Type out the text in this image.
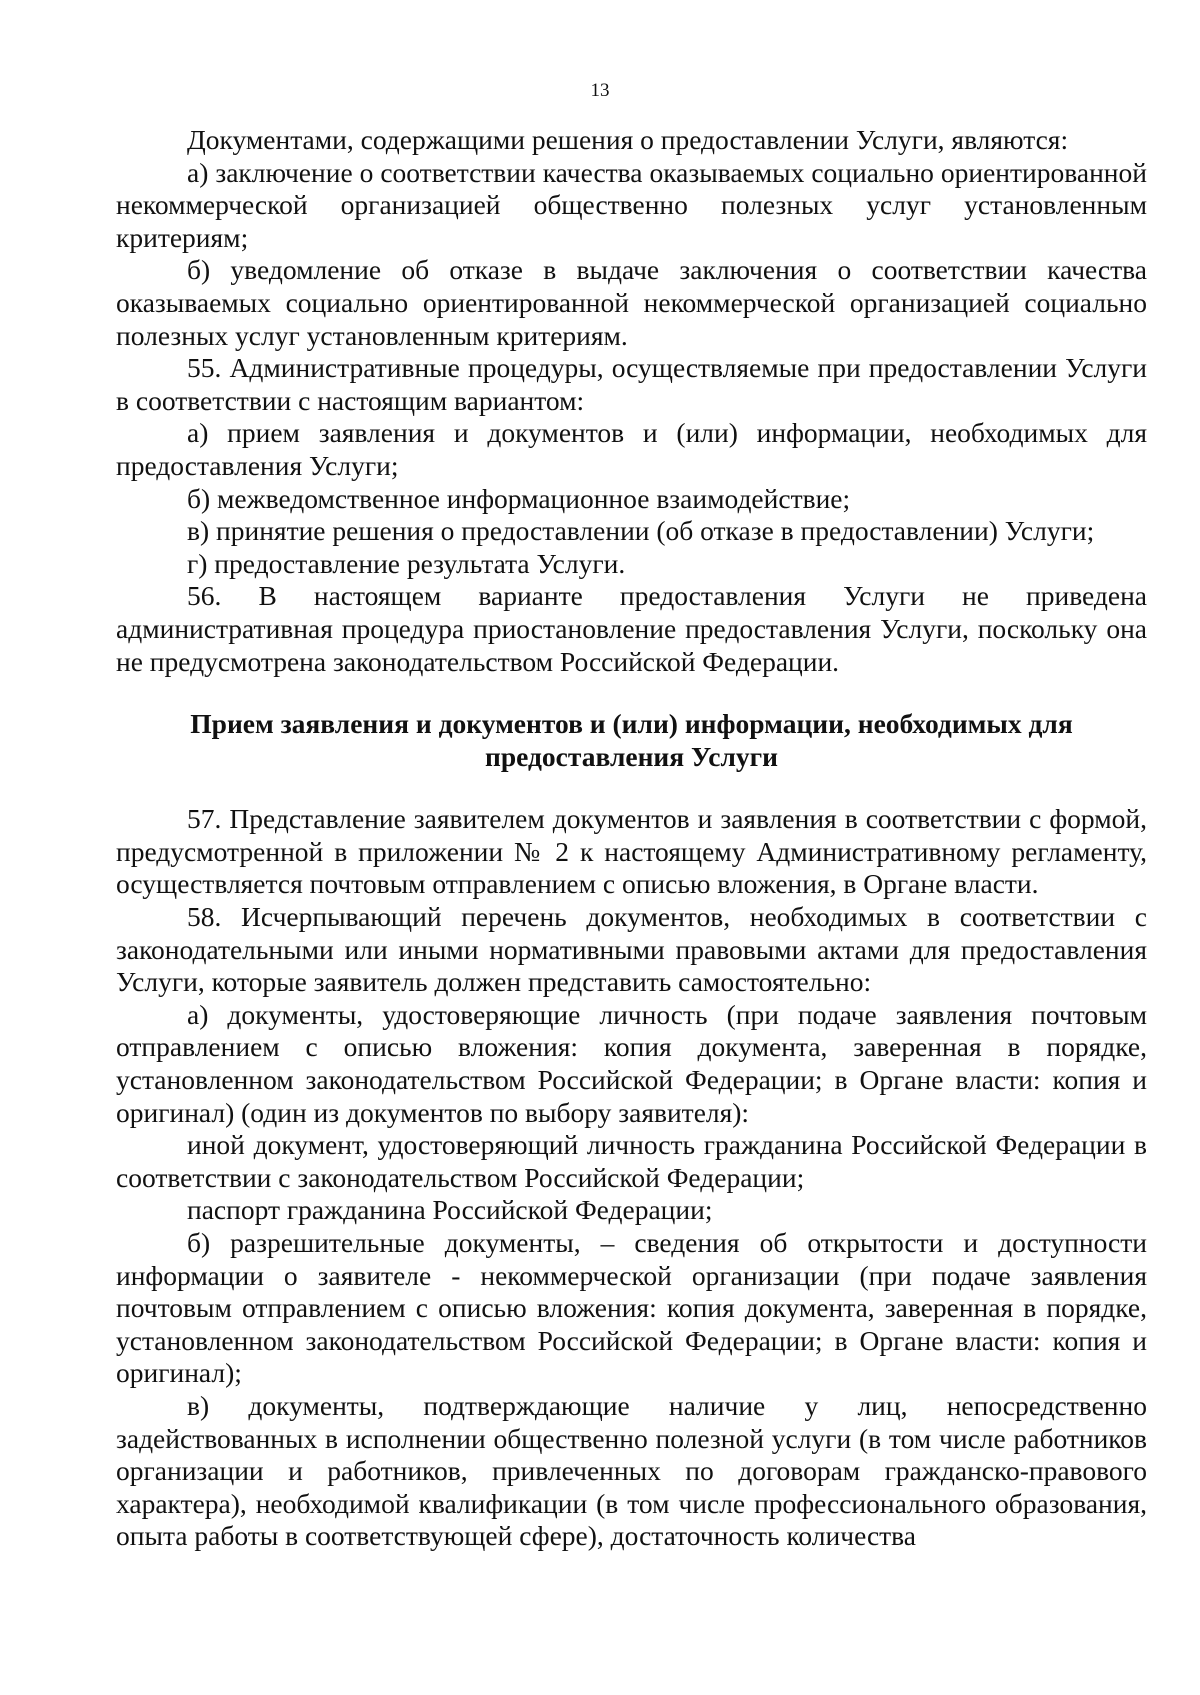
13

Документами, содержащими решения о предоставлении Услуги, являются:

а) заключение о соответствии качества оказываемых социально ориентированной некоммерческой организацией общественно полезных услуг установленным критериям;

б) уведомление об отказе в выдаче заключения о соответствии качества оказываемых социально ориентированной некоммерческой организацией социально полезных услуг установленным критериям.

55. Административные процедуры, осуществляемые при предоставлении Услуги в соответствии с настоящим вариантом:

а) прием заявления и документов и (или) информации, необходимых для предоставления Услуги;

б) межведомственное информационное взаимодействие;

в) принятие решения о предоставлении (об отказе в предоставлении) Услуги;

г) предоставление результата Услуги.

56. В настоящем варианте предоставления Услуги не приведена административная процедура приостановление предоставления Услуги, поскольку она не предусмотрена законодательством Российской Федерации.

Прием заявления и документов и (или) информации, необходимых для
предоставления Услуги

57. Представление заявителем документов и заявления в соответствии с формой, предусмотренной в приложении № 2 к настоящему Административному регламенту, осуществляется почтовым отправлением с описью вложения, в Органе власти.

58. Исчерпывающий перечень документов, необходимых в соответствии с законодательными или иными нормативными правовыми актами для предоставления Услуги, которые заявитель должен представить самостоятельно:

а) документы, удостоверяющие личность (при подаче заявления почтовым отправлением с описью вложения: копия документа, заверенная в порядке, установленном законодательством Российской Федерации; в Органе власти: копия и оригинал) (один из документов по выбору заявителя):

иной документ, удостоверяющий личность гражданина Российской Федерации в соответствии с законодательством Российской Федерации;

паспорт гражданина Российской Федерации;

б) разрешительные документы, – сведения об открытости и доступности информации о заявителе - некоммерческой организации (при подаче заявления почтовым отправлением с описью вложения: копия документа, заверенная в порядке, установленном законодательством Российской Федерации; в Органе власти: копия и оригинал);

в) документы, подтверждающие наличие у лиц, непосредственно задействованных в исполнении общественно полезной услуги (в том числе работников организации и работников, привлеченных по договорам гражданско-правового характера), необходимой квалификации (в том числе профессионального образования, опыта работы в соответствующей сфере), достаточность количества
